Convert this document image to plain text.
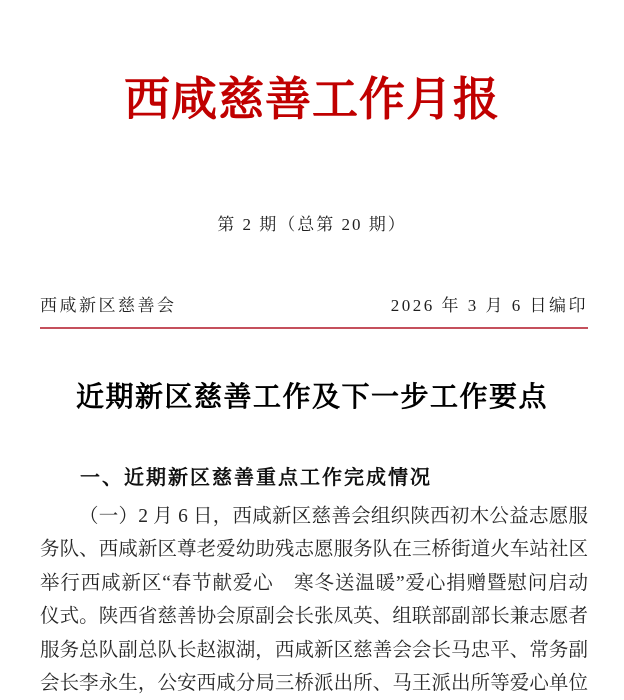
西咸慈善工作月报
第 2 期（总第 20 期）
西咸新区慈善会	2026 年 3 月 6 日编印
近期新区慈善工作及下一步工作要点
一、近期新区慈善重点工作完成情况
（一）2 月 6 日，西咸新区慈善会组织陕西初木公益志愿服
务队、西咸新区尊老爱幼助残志愿服务队在三桥街道火车站社区
举行西咸新区“春节献爱心　寒冬送温暖”爱心捐赠暨慰问启动
仪式。陕西省慈善协会原副会长张凤英、组联部副部长兼志愿者
服务总队副总队长赵淑湖，西咸新区慈善会会长马忠平、常务副
会长李永生，公安西咸分局三桥派出所、马王派出所等爱心单位
